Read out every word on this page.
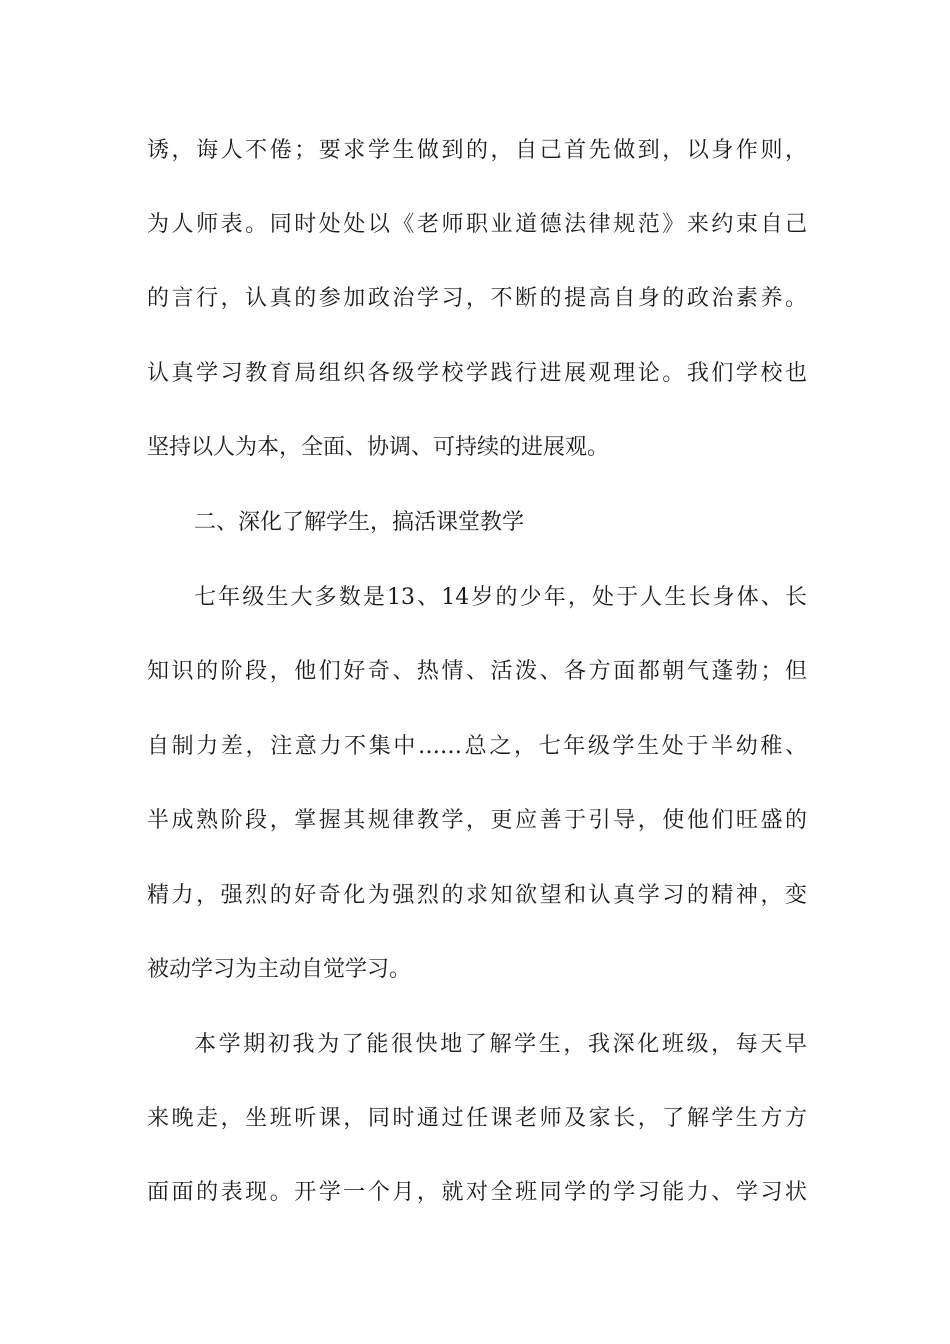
诱，诲人不倦；要求学生做到的，自己首先做到，以身作则，
为人师表。同时处处以《老师职业道德法律规范》来约束自己
的言行，认真的参加政治学习，不断的提高自身的政治素养。
认真学习教育局组织各级学校学践行进展观理论。我们学校也
坚持以人为本，全面、协调、可持续的进展观。
二、深化了解学生，搞活课堂教学
七年级生大多数是13、14岁的少年，处于人生长身体、长
知识的阶段，他们好奇、热情、活泼、各方面都朝气蓬勃；但
自制力差，注意力不集中……总之，七年级学生处于半幼稚、
半成熟阶段，掌握其规律教学，更应善于引导，使他们旺盛的
精力，强烈的好奇化为强烈的求知欲望和认真学习的精神，变
被动学习为主动自觉学习。
本学期初我为了能很快地了解学生，我深化班级，每天早
来晚走，坐班听课，同时通过任课老师及家长，了解学生方方
面面的表现。开学一个月，就对全班同学的学习能力、学习状
